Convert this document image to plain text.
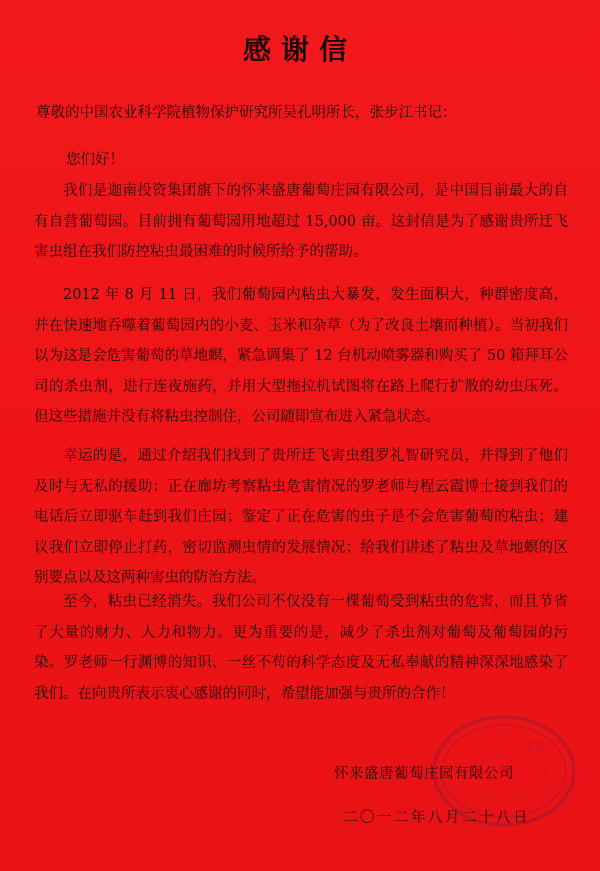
感谢信
尊敬的中国农业科学院植物保护研究所吴孔明所长，张步江书记：
您们好！
我们是迦南投资集团旗下的怀来盛唐葡萄庄园有限公司，是中国目前最大的自有自营葡萄园。目前拥有葡萄园用地超过 15,000 亩。这封信是为了感谢贵所迁飞害虫组在我们防控粘虫最困难的时候所给予的帮助。
2012 年 8 月 11 日，我们葡萄园内粘虫大暴发，发生面积大，种群密度高，并在快速地吞噬着葡萄园内的小麦、玉米和杂草（为了改良土壤而种植）。当初我们以为这是会危害葡萄的草地螟，紧急调集了 12 台机动喷雾器和购买了 50 箱拜耳公司的杀虫剂，进行连夜施药，并用大型拖拉机试图将在路上爬行扩散的幼虫压死。但这些措施并没有将粘虫控制住，公司随即宣布进入紧急状态。
幸运的是，通过介绍我们找到了贵所迁飞害虫组罗礼智研究员，并得到了他们及时与无私的援助：正在廊坊考察粘虫危害情况的罗老师与程云霞博士接到我们的电话后立即驱车赶到我们庄园；鉴定了正在危害的虫子是不会危害葡萄的粘虫；建议我们立即停止打药，密切监测虫情的发展情况；给我们讲述了粘虫及草地螟的区别要点以及这两种害虫的防治方法。
至今，粘虫已经消失。我们公司不仅没有一棵葡萄受到粘虫的危害，而且节省了大量的财力、人力和物力。更为重要的是，减少了杀虫剂对葡萄及葡萄园的污染。罗老师一行渊博的知识、一丝不苟的科学态度及无私奉献的精神深深地感染了我们。在向贵所表示衷心感谢的同时，希望能加强与贵所的合作！
Co.,
怀来盛唐葡萄庄园有限公司
二〇一二年八月二十八日
